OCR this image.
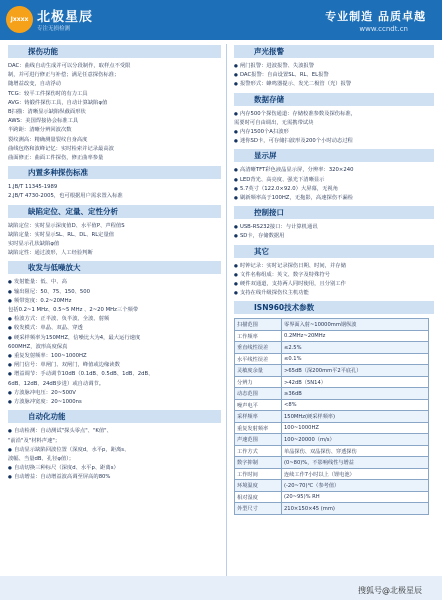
Jxxxx 北极星辰
专注无损检测
专业制造 品质卓越
www.ccndt.cn
探伤功能
DAC：曲线自动生成并可以分段制作，取样点不受限
制，并可进行修正与补偿；满足任意探伤标准；
随增益改变，自动浮动
TCG：较平工件探伤时的有力工具
AVG：铸锻件探伤工具，自动计算缺陷φ值
B扫描：清晰显示缺陷纵截面形状
AWS：美国焊接协会标准工具
半跨距：清晰分辨回波次数
裂纹测高：精确测量裂纹自身高度
曲线包络和波峰记忆：实时检索并记录最高波
曲面修正：曲面工件探伤，修正曲率参量
内置多种探伤标准
1.JB/T 11345-1989
2.JB/T 4730-2005，也可根据用户需求置入标准
缺陷定位、定量、定性分析
缺陷定位：实时显示深度值D、水平值P、声程值S
缺陷定量：实时显示SL、RL、DL、RL定量值
实时显示孔状缺陷φ值
缺陷定性：通过波形，人工经验判断
收发与低噪放大
● 发射能量：低、中、高
● 输出阻尼：50、75、150、500
● 频带宽度：0.2~20MHz
包括0.2~1 MHz、0.5~5 MHz 、2~20 MHz三个频带
● 检波方式：正半波、负半波、全波、射频
● 收发模式：单晶、双晶、穿透
● 硬采样频率为150MHZ，信噪比大为4，最大运行速度
600MHZ，波形高度保真
● 重复发射频率：100~1000HZ
● 闸门信号：单闸门、双闸门，峰值或边缘读数
● 增益调节：手动调节10dB（0.1dB、0.5dB、1dB、2dB、
6dB、12dB、24dB步进）或自动调节。
● 方波脉冲电压：20~500V
● 方波脉冲宽度：20~1000ns
自动化功能
● 自动检测：自动测试"探头零点"、"K值"、
"前沿"及"材料声速"；
● 自动显示缺陷回波位置（深度d，水平p，距离s、
波幅、当量dB、孔径φ值）；
● 自动切换三种标尺（深度d、水平p、距离s）
● 自动增益：自动增益波高调至屏高的80%
声光报警
● 闸门报警：进波报警、失波报警
● DAC报警：自由设置SL、RL、EL报警
● 报警形式：蜂鸣器提示、发光二极管（光）报警
数据存储
● 内存500个探伤通道：存储校准参数及探伤标准，
需要时可自由调出，无需携带试块
● 内存1500个A扫波形
● 迷你SD卡，可存储扫波形及200个小时动态过程
显示屏
● 高清晰TFT彩色液晶显示屏，分辨率：320×240
● LED背光、高亮度、强光下清晰显示
● 5.7英寸（122.0×92.0）大屏幕，无视角
● 刷新频率高于100HZ，无拖影，高速探伤不漏检
控制接口
● USB-RS232接口：与计算机通讯
● SD卡，存储数据用
其它
● 时钟记录：实时记录探伤日期、时间，并存储
● 文件名称组成：英文、数字及特殊符号
● 硬件双通道，支持两人同时使用，且分别工作
● 支持在线升级探伤仪主机功能
ISN960技术参数
扫描范围	零界面入射~10000mm钢纵波
工作频率	0.2MHz~20MHz
垂直线性误差	≤2.5%
水平线性误差	≤0.1%
灵敏度余量	>65dB（深200mm平2平底孔）
分辨力	>42dB（5N14）
动态范围	≥36dB
噪声电平	<8%
采样频率	150MHz(硬采样频率)
重复发射频率	100~1000HZ
声速范围	100~20000（m/s）
工作方式	单晶探伤、双晶探伤、穿透探伤
数字抑制	(0~80)%，不影响线性与增益
工作时间	连续工作7小时以上（锂电池）
环境温度	(-20~70)℃（参考值）
相对湿度	(20~95)% RH
外型尺寸	210×150×45 (mm)
搜狐号@北极星辰
